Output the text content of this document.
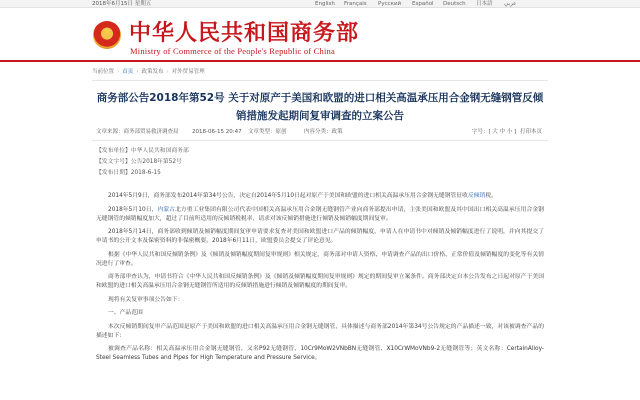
2018年6月15日 星期五	English Français Русский Español Deutsch 日本語 عربي
★ 中华人民共和国商务部
Ministry of Commerce of the People's Republic of China
当前位置 › 首页 › 政策发布 › 对外贸易管理
商务部公告2018年第52号 关于对原产于美国和欧盟的进口相关高温承压用合金钢无缝钢管反倾销措施发起期间复审调查的立案公告
文章来源：商务部贸易救济调查局 2018-06-15 20:47 文章类型：原创	内容分类：政策	字号：[ 大 中 小 ] 打印本页
【发布单位】中华人民共和国商务部
【发文字号】公告2018年第52号
【发布日期】2018-6-15

2014年5月9日，商务部发布2014年第34号公告，决定自2014年5月10日起对原产于美国和欧盟的进口相关高温承压用合金钢无缝钢管征收反倾销税。

2018年5月10日，内蒙古北方重工业集团有限公司代表中国相关高温承压用合金钢无缝钢管产业向商务部提出申请，主张美国和欧盟及其中国出口相关高温承压用合金钢无缝钢管的倾销幅度加大，超过了目前所适用的反倾销税税率，请求对该反倾销措施进行倾销及倾销幅度期间复审。

2018年5月14日，商务部收到倾销及倾销幅度期间复审申请要求复查对美国和欧盟进口产品的倾销幅度，申请人在申请书中对倾销及倾销幅度进行了说明，并向其提交了申请书的公开文本及保密资料的非保密概要。2018年6月11日，欧盟委员会提交了评论意见。

根据《中华人民共和国反倾销条例》及《倾销及倾销幅度期间复审规则》相关规定，商务部对申请人资格、申请调查产品的出口价格、正常价值及倾销幅度的变化等有关情况进行了审查。

商务部审查认为，申请书符合《中华人民共和国反倾销条例》及《倾销及倾销幅度期间复审规则》规定的期间复审立案条件。商务部决定自本公告发布之日起对原产于美国和欧盟的进口相关高温承压用合金钢无缝钢管所适用的反倾销措施进行倾销及倾销幅度的期间复审。

现将有关复审事项公告如下：

一、产品范围

本次反倾销期间复审产品范围是原产于美国和欧盟的进口相关高温承压用合金钢无缝钢管，具体描述与商务部2014年第34号公告规定的产品描述一致，对该被调查产品的描述如下：

被调查产品名称：相关高温承压用合金钢无缝钢管，又名P92无缝钢管、10Cr9MoW2VNbBN无缝钢管、X10CrWMoVNb9-2无缝钢管等；英文名称：CertainAlloy-Steel Seamless Tubes and Pipes for High Temperature and Pressure Service。
